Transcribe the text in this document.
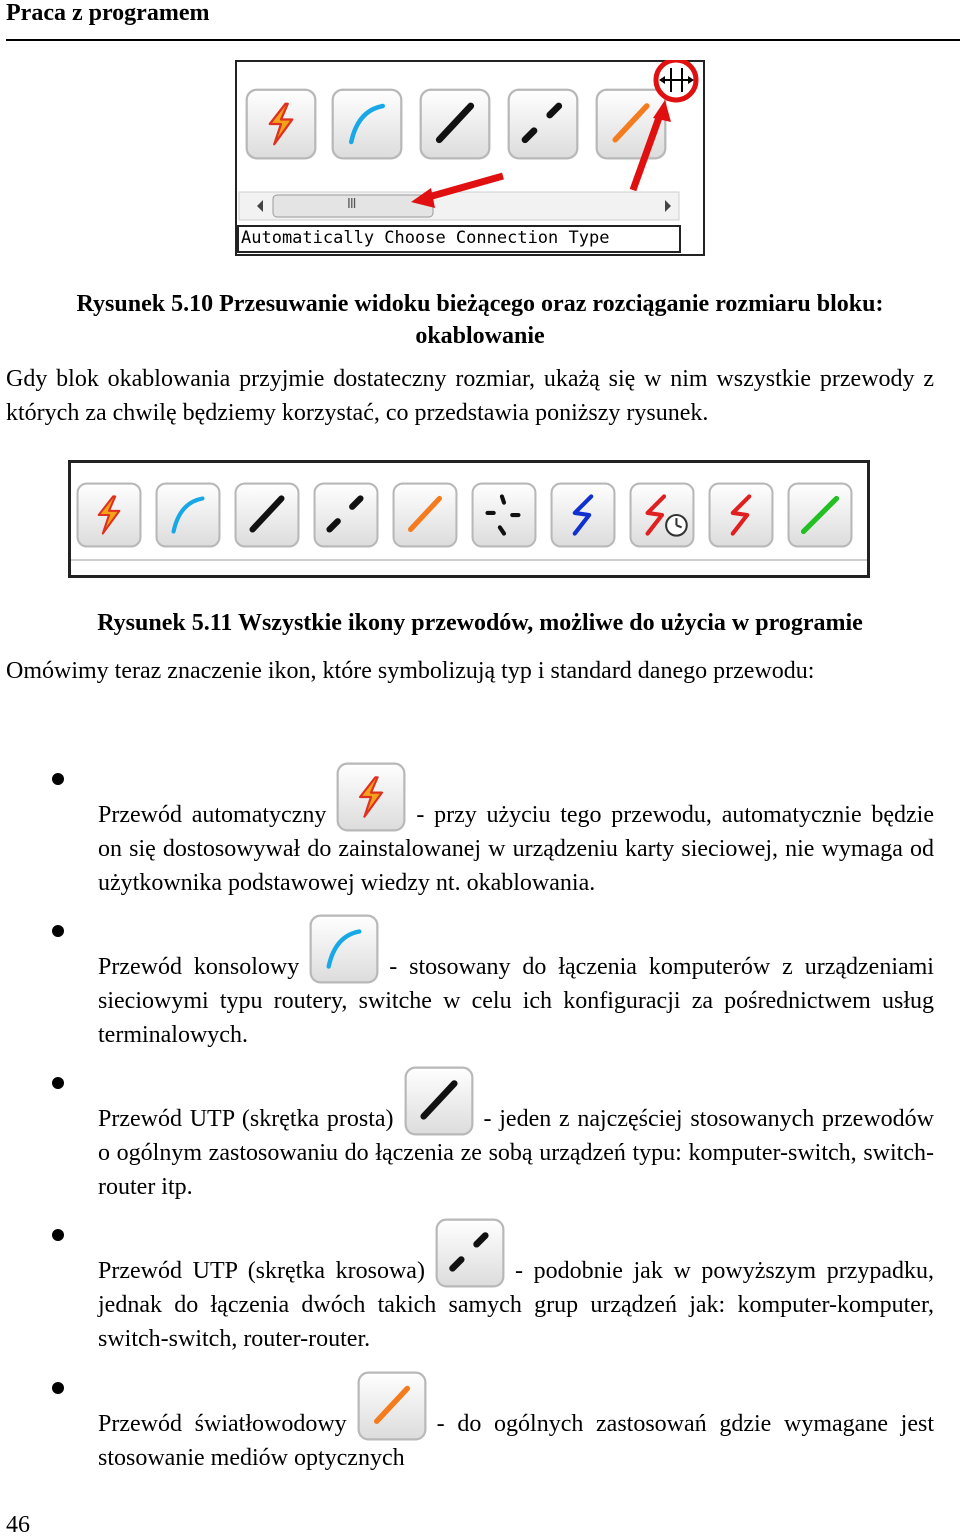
Praca z programem
III
Automatically Choose Connection Type
Rysunek 5.10 Przesuwanie widoku bieżącego oraz rozciąganie rozmiaru bloku: okablowanie
Gdy blok okablowania przyjmie dostateczny rozmiar, ukażą się w nim wszystkie przewody z których za chwilę będziemy korzystać, co przedstawia poniższy rysunek.
Rysunek 5.11 Wszystkie ikony przewodów, możliwe do użycia w programie
Omówimy teraz znaczenie ikon, które symbolizują typ i standard danego przewodu:
Przewód automatyczny	- przy użyciu tego przewodu, automatycznie będzie on się dostosowywał do zainstalowanej w urządzeniu karty sieciowej, nie wymaga od użytkownika podstawowej wiedzy nt. okablowania.
Przewód konsolowy	- stosowany do łączenia komputerów z urządzeniami sieciowymi typu routery, switche w celu ich konfiguracji za pośrednictwem usług terminalowych.
Przewód UTP (skrętka prosta)	- jeden z najczęściej stosowanych przewodów o ogólnym zastosowaniu do łączenia ze sobą urządzeń typu: komputer-switch, switch-router itp.
Przewód UTP (skrętka krosowa)	- podobnie jak w powyższym przypadku, jednak do łączenia dwóch takich samych grup urządzeń jak: komputer-komputer, switch-switch, router-router.
Przewód światłowodowy	- do ogólnych zastosowań gdzie wymagane jest stosowanie mediów optycznych
46
